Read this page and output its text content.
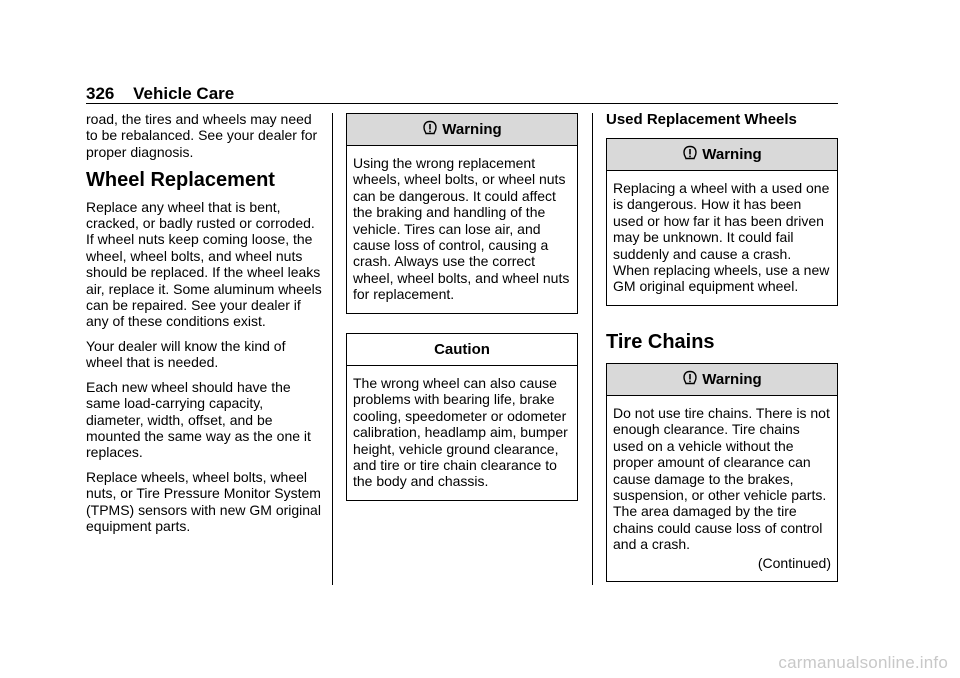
326 Vehicle Care

road, the tires and wheels may need to be rebalanced. See your dealer for proper diagnosis.

Wheel Replacement

Replace any wheel that is bent, cracked, or badly rusted or corroded. If wheel nuts keep coming loose, the wheel, wheel bolts, and wheel nuts should be replaced. If the wheel leaks air, replace it. Some aluminum wheels can be repaired. See your dealer if any of these conditions exist.

Your dealer will know the kind of wheel that is needed.

Each new wheel should have the same load-carrying capacity, diameter, width, offset, and be mounted the same way as the one it replaces.

Replace wheels, wheel bolts, wheel nuts, or Tire Pressure Monitor System (TPMS) sensors with new GM original equipment parts.

Warning
Using the wrong replacement wheels, wheel bolts, or wheel nuts can be dangerous. It could affect the braking and handling of the vehicle. Tires can lose air, and cause loss of control, causing a crash. Always use the correct wheel, wheel bolts, and wheel nuts for replacement.
Caution
The wrong wheel can also cause problems with bearing life, brake cooling, speedometer or odometer calibration, headlamp aim, bumper height, vehicle ground clearance, and tire or tire chain clearance to the body and chassis.
Used Replacement Wheels
Warning
Replacing a wheel with a used one is dangerous. How it has been used or how far it has been driven may be unknown. It could fail suddenly and cause a crash. When replacing wheels, use a new GM original equipment wheel.
Tire Chains
Warning
Do not use tire chains. There is not enough clearance. Tire chains used on a vehicle without the proper amount of clearance can cause damage to the brakes, suspension, or other vehicle parts. The area damaged by the tire chains could cause loss of control and a crash.
(Continued)
carmanualsonline.info
